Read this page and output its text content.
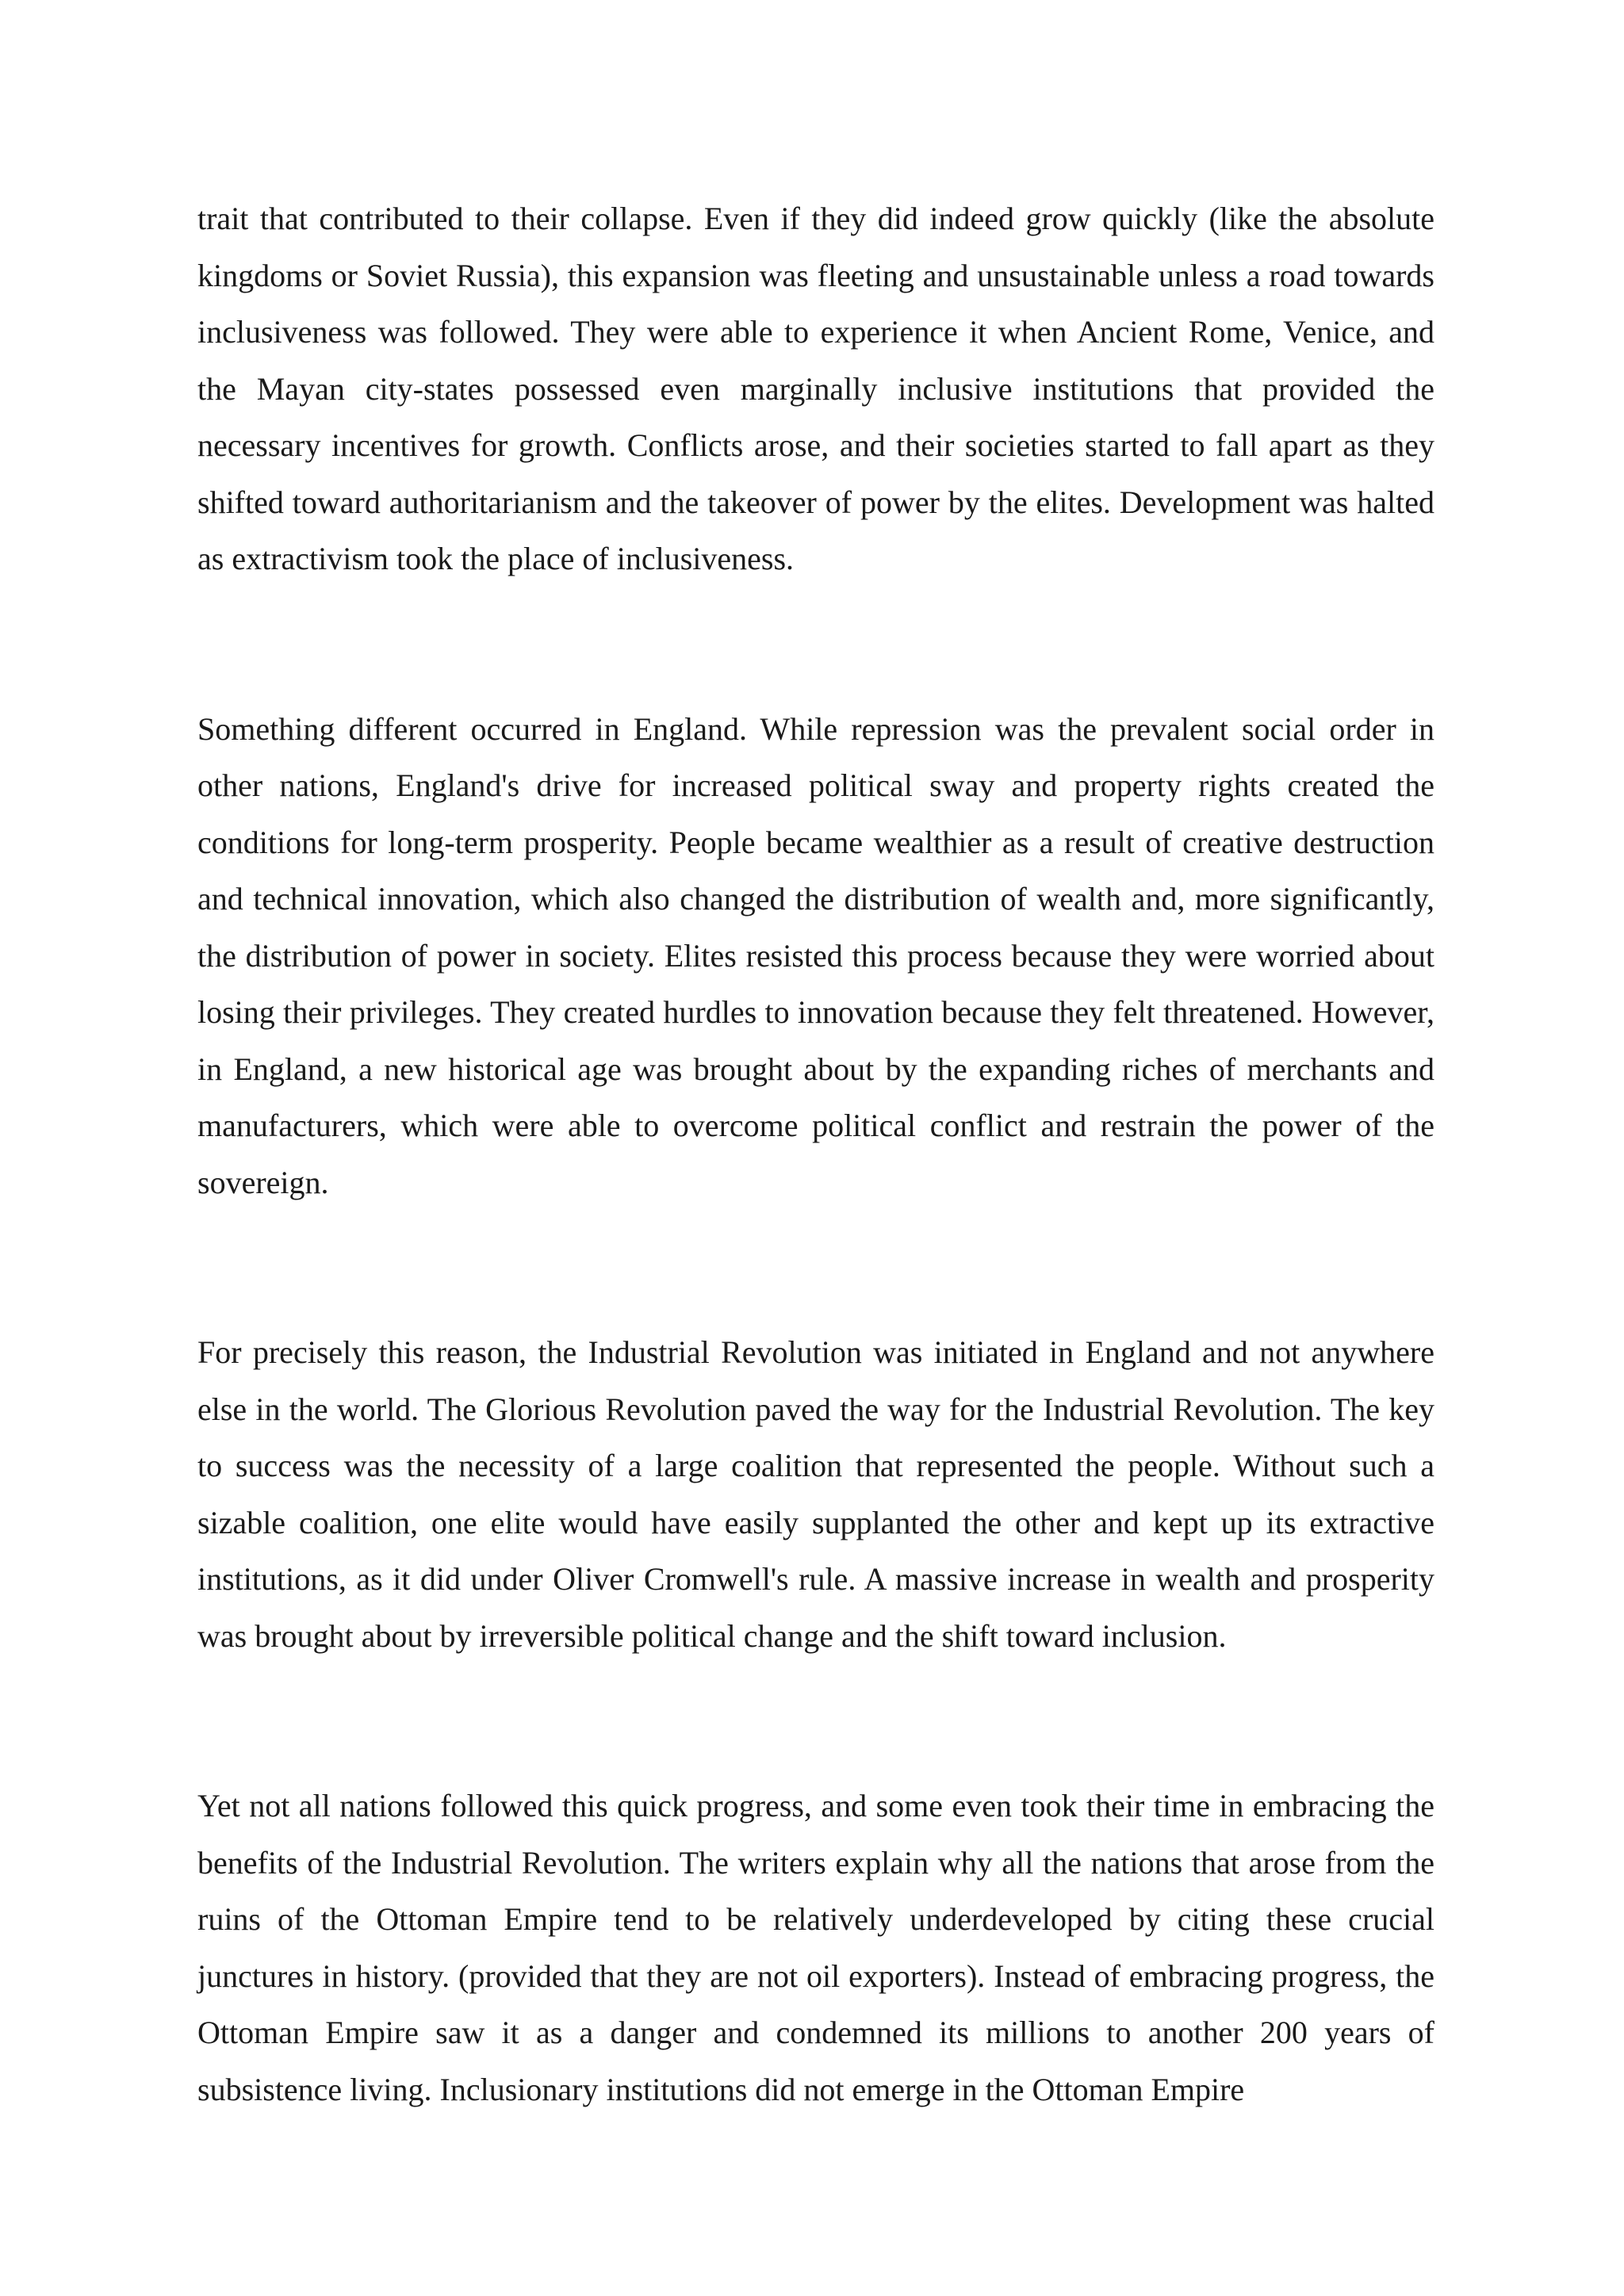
trait that contributed to their collapse. Even if they did indeed grow quickly (like the absolute kingdoms or Soviet Russia), this expansion was fleeting and unsustainable unless a road towards inclusiveness was followed. They were able to experience it when Ancient Rome, Venice, and the Mayan city-states possessed even marginally inclusive institutions that provided the necessary incentives for growth. Conflicts arose, and their societies started to fall apart as they shifted toward authoritarianism and the takeover of power by the elites. Development was halted as extractivism took the place of inclusiveness.

Something different occurred in England. While repression was the prevalent social order in other nations, England's drive for increased political sway and property rights created the conditions for long-term prosperity. People became wealthier as a result of creative destruction and technical innovation, which also changed the distribution of wealth and, more significantly, the distribution of power in society. Elites resisted this process because they were worried about losing their privileges. They created hurdles to innovation because they felt threatened. However, in England, a new historical age was brought about by the expanding riches of merchants and manufacturers, which were able to overcome political conflict and restrain the power of the sovereign.

For precisely this reason, the Industrial Revolution was initiated in England and not anywhere else in the world. The Glorious Revolution paved the way for the Industrial Revolution. The key to success was the necessity of a large coalition that represented the people. Without such a sizable coalition, one elite would have easily supplanted the other and kept up its extractive institutions, as it did under Oliver Cromwell's rule. A massive increase in wealth and prosperity was brought about by irreversible political change and the shift toward inclusion.

Yet not all nations followed this quick progress, and some even took their time in embracing the benefits of the Industrial Revolution. The writers explain why all the nations that arose from the ruins of the Ottoman Empire tend to be relatively underdeveloped by citing these crucial junctures in history. (provided that they are not oil exporters). Instead of embracing progress, the Ottoman Empire saw it as a danger and condemned its millions to another 200 years of subsistence living. Inclusionary institutions did not emerge in the Ottoman Empire
